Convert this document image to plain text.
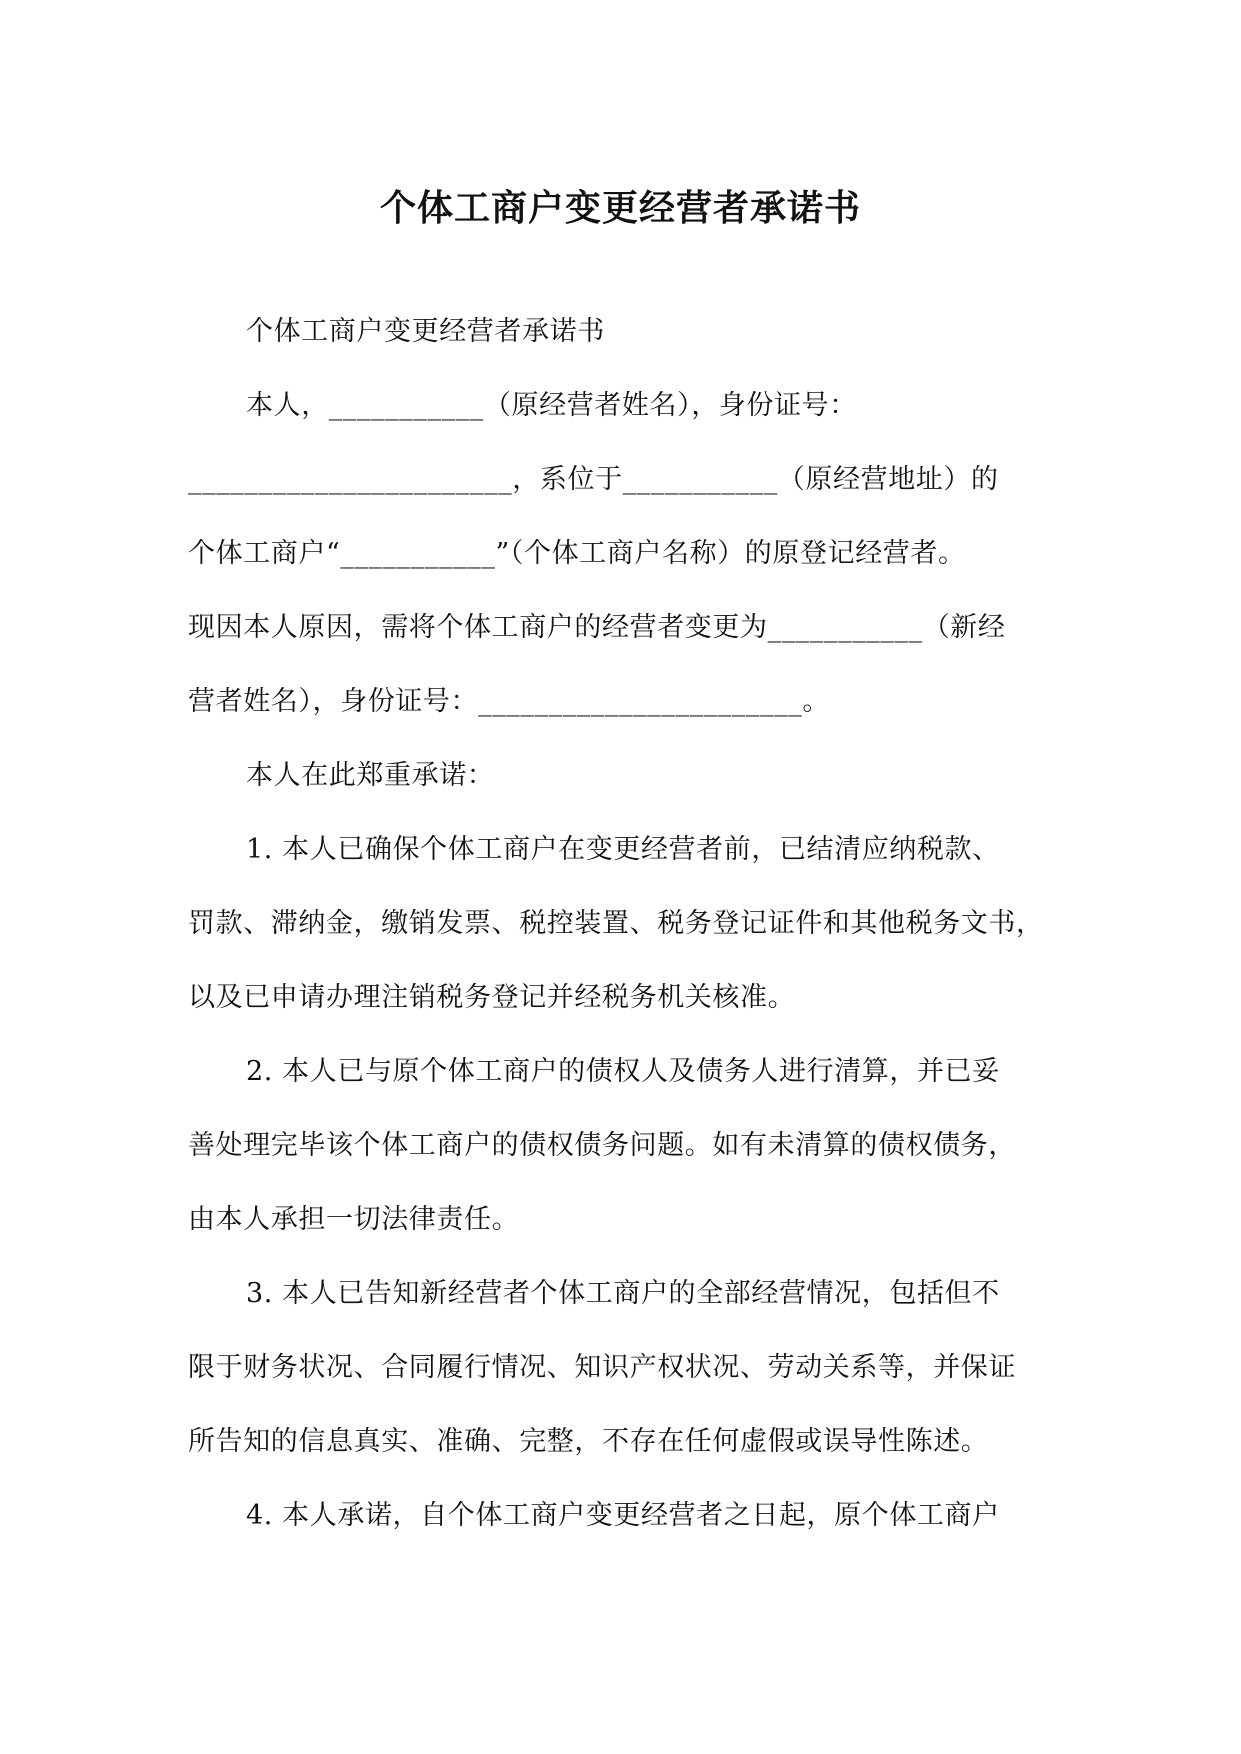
个体工商户变更经营者承诺书
个体工商户变更经营者承诺书
本人，___________（原经营者姓名），身份证号：
_______________________，系位于___________（原经营地址）的
个体工商户“___________”（个体工商户名称）的原登记经营者。
现因本人原因，需将个体工商户的经营者变更为___________（新经
营者姓名），身份证号：_______________________。
本人在此郑重承诺：
1. 本人已确保个体工商户在变更经营者前，已结清应纳税款、
罚款、滞纳金，缴销发票、税控装置、税务登记证件和其他税务文书，
以及已申请办理注销税务登记并经税务机关核准。
2. 本人已与原个体工商户的债权人及债务人进行清算，并已妥
善处理完毕该个体工商户的债权债务问题。如有未清算的债权债务，
由本人承担一切法律责任。
3. 本人已告知新经营者个体工商户的全部经营情况，包括但不
限于财务状况、合同履行情况、知识产权状况、劳动关系等，并保证
所告知的信息真实、准确、完整，不存在任何虚假或误导性陈述。
4. 本人承诺，自个体工商户变更经营者之日起，原个体工商户
